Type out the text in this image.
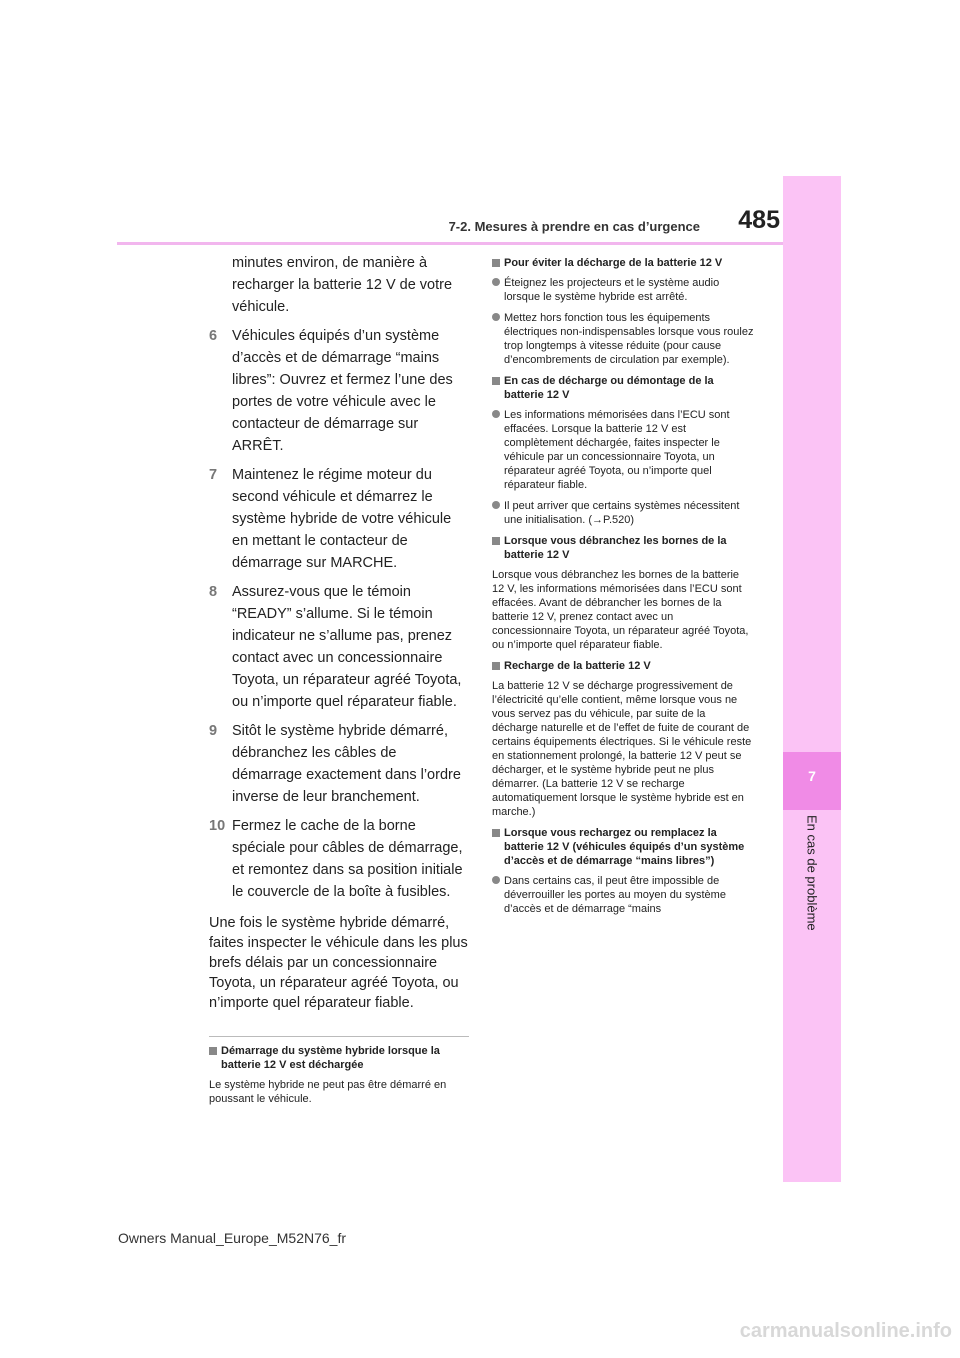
7
En cas de problème
485
7-2. Mesures à prendre en cas d’urgence
minutes environ, de manière à recharger la batterie 12 V de votre véhicule.
6 Véhicules équipés d’un système d’accès et de démarrage “mains libres”: Ouvrez et fermez l’une des portes de votre véhicule avec le contacteur de démarrage sur ARRÊT.
7 Maintenez le régime moteur du second véhicule et démarrez le système hybride de votre véhicule en mettant le contacteur de démarrage sur MARCHE.
8 Assurez-vous que le témoin “READY” s’allume. Si le témoin indicateur ne s’allume pas, prenez contact avec un concessionnaire Toyota, un réparateur agréé Toyota, ou n’importe quel réparateur fiable.
9 Sitôt le système hybride démarré, débranchez les câbles de démarrage exactement dans l’ordre inverse de leur branchement.
10 Fermez le cache de la borne spéciale pour câbles de démarrage, et remontez dans sa position initiale le couvercle de la boîte à fusibles.
Une fois le système hybride démarré, faites inspecter le véhicule dans les plus brefs délais par un concessionnaire Toyota, un réparateur agréé Toyota, ou n’importe quel réparateur fiable.
Démarrage du système hybride lorsque la batterie 12 V est déchargée
Le système hybride ne peut pas être démarré en poussant le véhicule.
Pour éviter la décharge de la batterie 12 V
Éteignez les projecteurs et le système audio lorsque le système hybride est arrêté.
Mettez hors fonction tous les équipements électriques non-indispensables lorsque vous roulez trop longtemps à vitesse réduite (pour cause d’encombrements de circulation par exemple).
En cas de décharge ou démontage de la batterie 12 V
Les informations mémorisées dans l’ECU sont effacées. Lorsque la batterie 12 V est complètement déchargée, faites inspecter le véhicule par un concessionnaire Toyota, un réparateur agréé Toyota, ou n’importe quel réparateur fiable.
Il peut arriver que certains systèmes nécessitent une initialisation. (→P.520)
Lorsque vous débranchez les bornes de la batterie 12 V
Lorsque vous débranchez les bornes de la batterie 12 V, les informations mémorisées dans l’ECU sont effacées. Avant de débrancher les bornes de la batterie 12 V, prenez contact avec un concessionnaire Toyota, un réparateur agréé Toyota, ou n’importe quel réparateur fiable.
Recharge de la batterie 12 V
La batterie 12 V se décharge progressivement de l’électricité qu’elle contient, même lorsque vous ne vous servez pas du véhicule, par suite de la décharge naturelle et de l’effet de fuite de courant de certains équipements électriques. Si le véhicule reste en stationnement prolongé, la batterie 12 V peut se décharger, et le système hybride peut ne plus démarrer. (La batterie 12 V se recharge automatiquement lorsque le système hybride est en marche.)
Lorsque vous rechargez ou remplacez la batterie 12 V (véhicules équipés d’un système d’accès et de démarrage “mains libres”)
Dans certains cas, il peut être impossible de déverrouiller les portes au moyen du système d’accès et de démarrage “mains
Owners Manual_Europe_M52N76_fr
carmanualsonline.info
